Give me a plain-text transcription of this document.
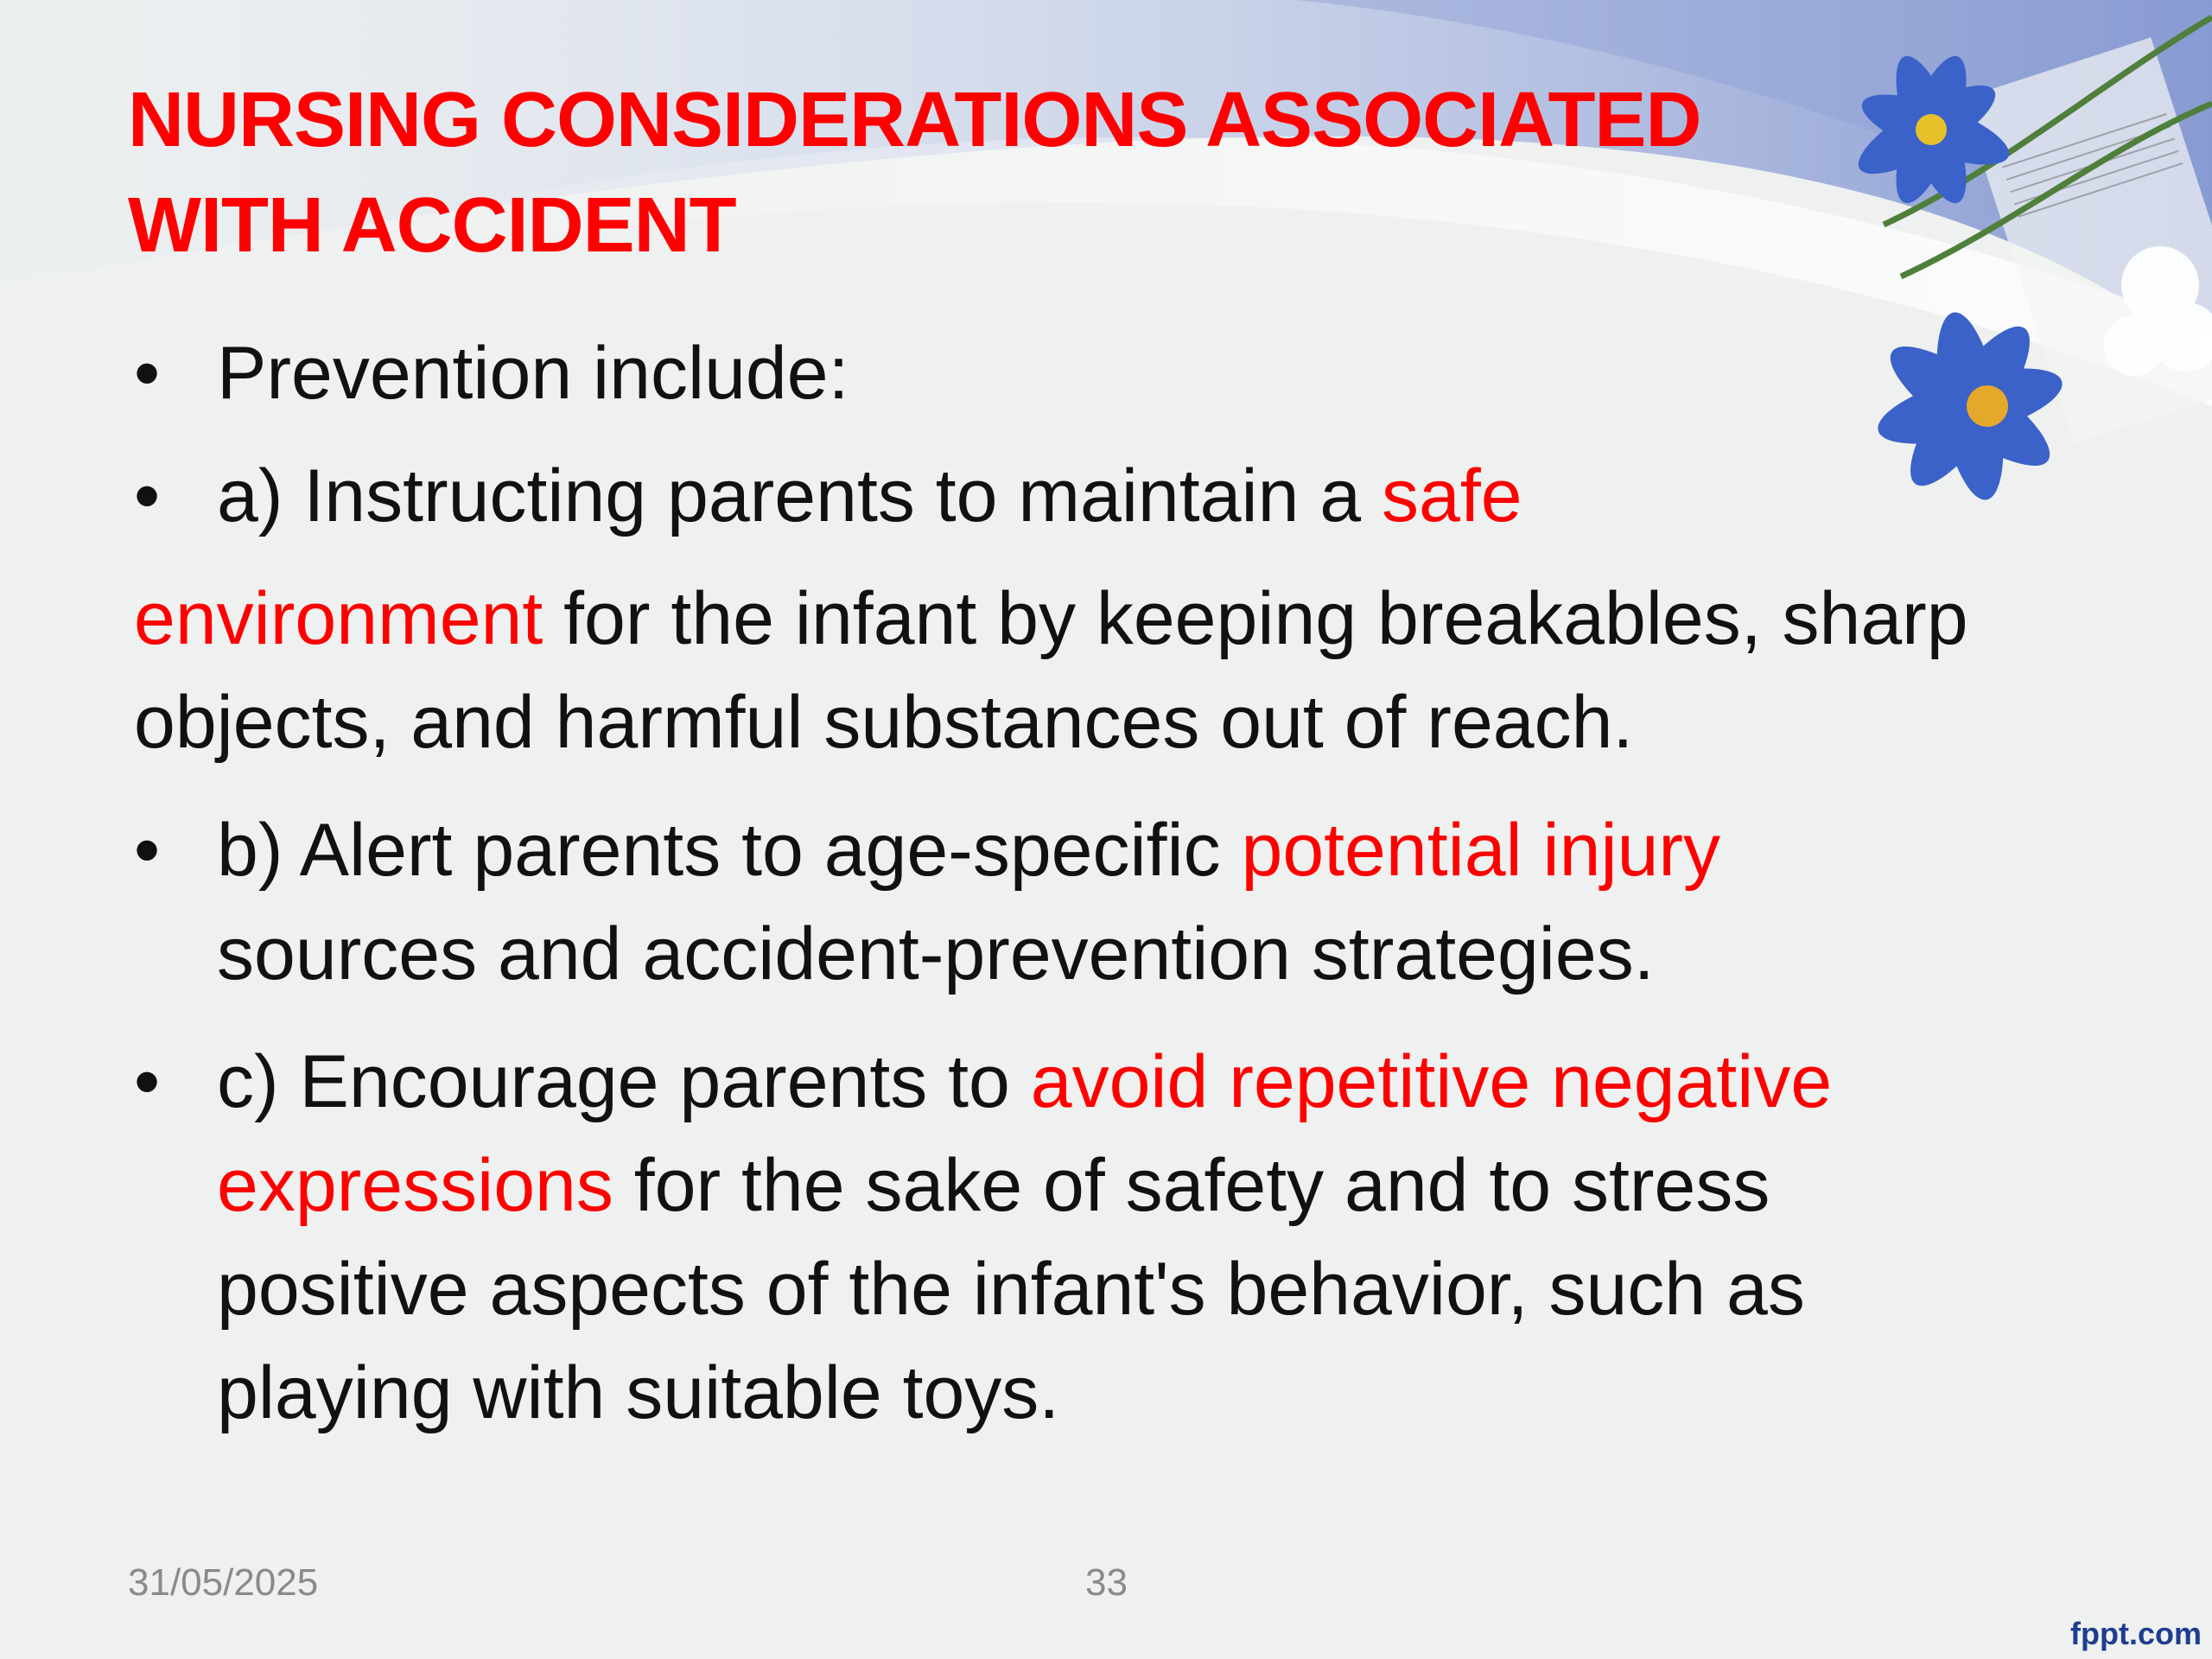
NURSING CONSIDERATIONS ASSOCIATED WITH ACCIDENT

• Prevention include:

• a) Instructing parents to maintain a safe

environment for the infant by keeping breakables, sharp objects, and harmful substances out of reach.

• b) Alert parents to age-specific potential injury sources and accident-prevention strategies.

• c) Encourage parents to avoid repetitive negative expressions for the sake of safety and to stress positive aspects of the infant's behavior, such as playing with suitable toys.

31/05/2025	33
fppt.com
